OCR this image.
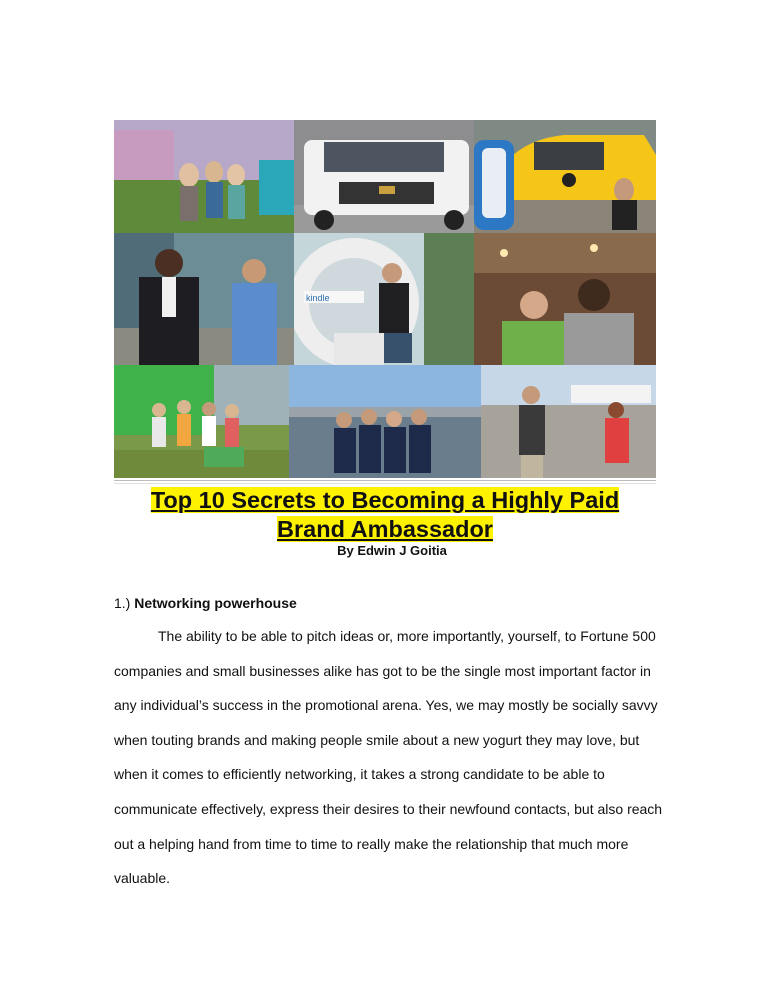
kindle
Top 10 Secrets to Becoming a Highly Paid
Brand Ambassador
By Edwin J Goitia
1.) Networking powerhouse

The ability to be able to pitch ideas or, more importantly, yourself, to Fortune 500 companies and small businesses alike has got to be the single most important factor in any individual’s success in the promotional arena. Yes, we may mostly be socially savvy when touting brands and making people smile about a new yogurt they may love, but when it comes to efficiently networking, it takes a strong candidate to be able to communicate effectively, express their desires to their newfound contacts, but also reach out a helping hand from time to time to really make the relationship that much more valuable.
